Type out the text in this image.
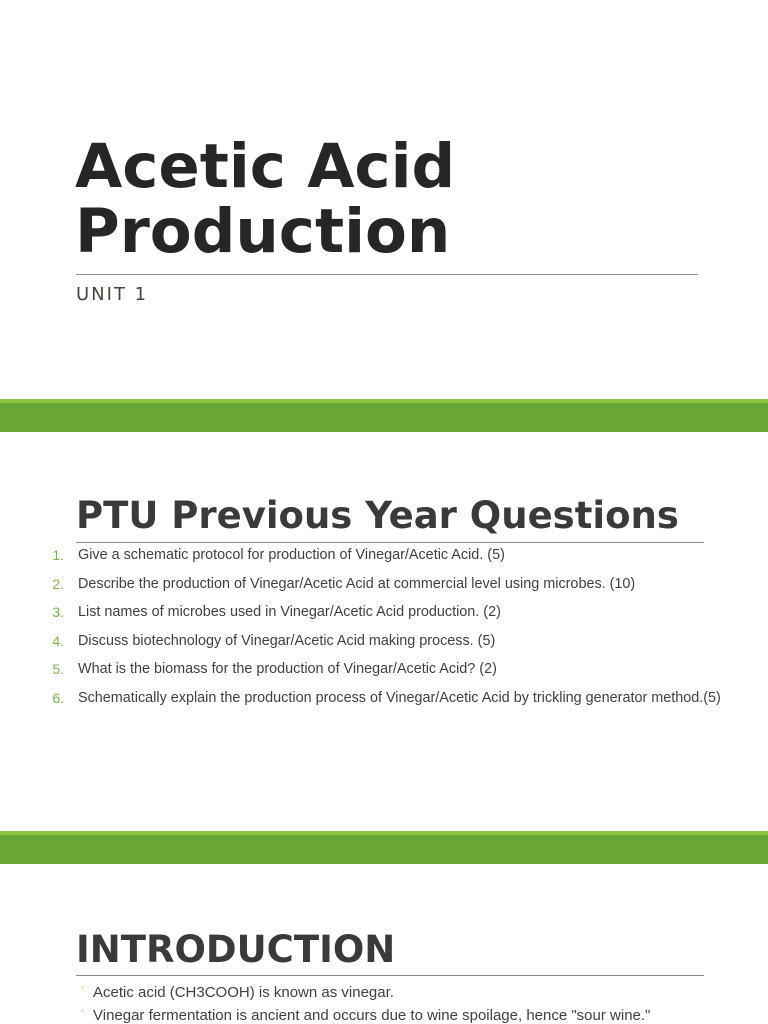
Acetic Acid
Production
UNIT 1
PTU Previous Year Questions
1. Give a schematic protocol for production of Vinegar/Acetic Acid. (5)
2. Describe the production of Vinegar/Acetic Acid at commercial level using microbes. (10)
3. List names of microbes used in Vinegar/Acetic Acid production. (2)
4. Discuss biotechnology of Vinegar/Acetic Acid making process. (5)
5. What is the biomass for the production of Vinegar/Acetic Acid? (2)
6. Schematically explain the production process of Vinegar/Acetic Acid by trickling generator method.(5)
INTRODUCTION
◦ Acetic acid (CH3COOH) is known as vinegar.
◦ Vinegar fermentation is ancient and occurs due to wine spoilage, hence "sour wine."
